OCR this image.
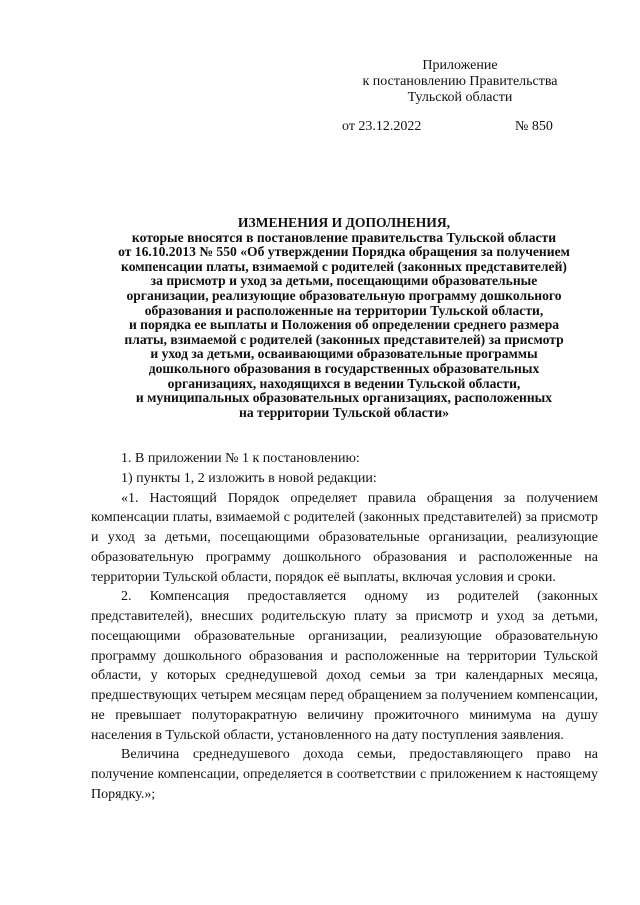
Приложение
к постановлению Правительства
Тульской области
от 23.12.2022	№ 850
ИЗМЕНЕНИЯ И ДОПОЛНЕНИЯ,
которые вносятся в постановление правительства Тульской области
от 16.10.2013 № 550 «Об утверждении Порядка обращения за получением
компенсации платы, взимаемой с родителей (законных представителей)
за присмотр и уход за детьми, посещающими образовательные
организации, реализующие образовательную программу дошкольного
образования и расположенные на территории Тульской области,
и порядка ее выплаты и Положения об определении среднего размера
платы, взимаемой с родителей (законных представителей) за присмотр
и уход за детьми, осваивающими образовательные программы
дошкольного образования в государственных образовательных
организациях, находящихся в ведении Тульской области,
и муниципальных образовательных организациях, расположенных
на территории Тульской области»

1. В приложении № 1 к постановлению:

1) пункты 1, 2 изложить в новой редакции:

«1. Настоящий Порядок определяет правила обращения за получением компенсации платы, взимаемой с родителей (законных представителей) за присмотр и уход за детьми, посещающими образовательные организации, реализующие образовательную программу дошкольного образования и расположенные на территории Тульской области, порядок её выплаты, включая условия и сроки.

2. Компенсация предоставляется одному из родителей (законных представителей), внесших родительскую плату за присмотр и уход за детьми, посещающими образовательные организации, реализующие образовательную программу дошкольного образования и расположенные на территории Тульской области, у которых среднедушевой доход семьи за три календарных месяца, предшествующих четырем месяцам перед обращением за получением компенсации, не превышает полуторакратную величину прожиточного минимума на душу населения в Тульской области, установленного на дату поступления заявления.

Величина среднедушевого дохода семьи, предоставляющего право на получение компенсации, определяется в соответствии с приложением к настоящему Порядку.»;
